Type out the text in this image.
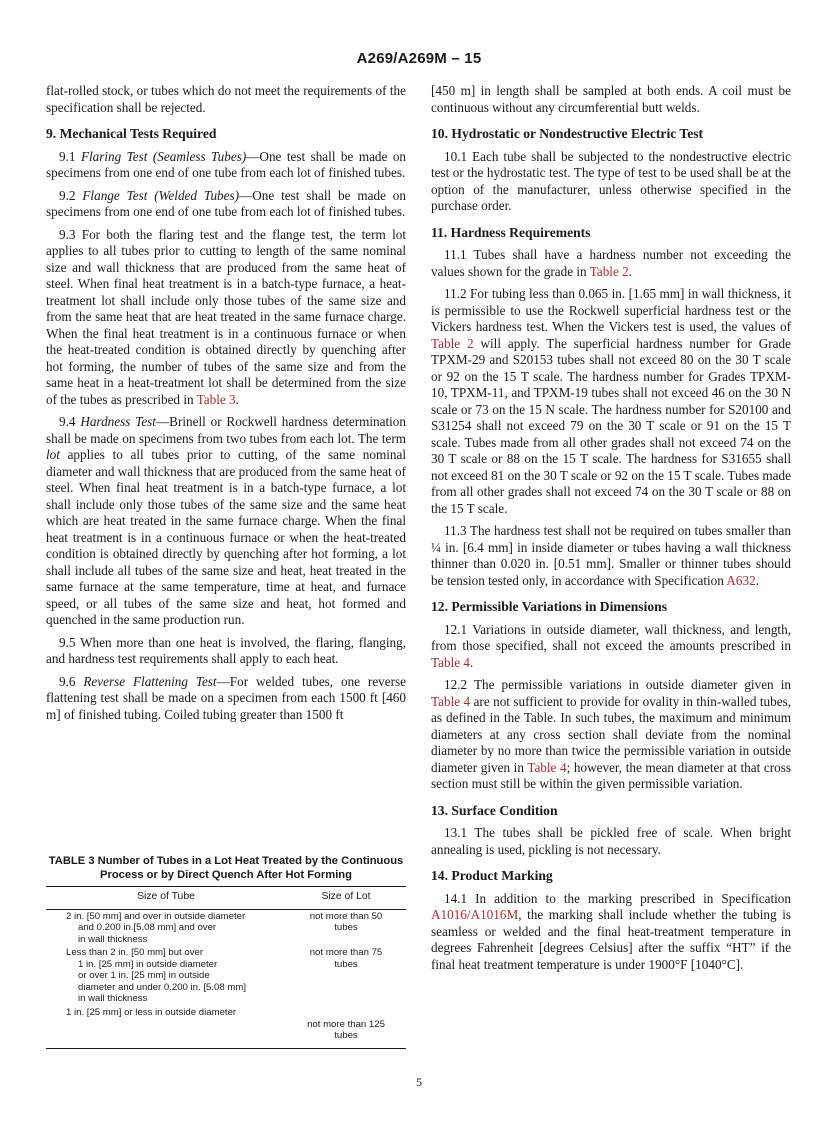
A269/A269M – 15

flat-rolled stock, or tubes which do not meet the requirements of the specification shall be rejected.

9. Mechanical Tests Required

9.1 Flaring Test (Seamless Tubes)—One test shall be made on specimens from one end of one tube from each lot of finished tubes.

9.2 Flange Test (Welded Tubes)—One test shall be made on specimens from one end of one tube from each lot of finished tubes.

9.3 For both the flaring test and the flange test, the term lot applies to all tubes prior to cutting to length of the same nominal size and wall thickness that are produced from the same heat of steel. When final heat treatment is in a batch-type furnace, a heat-treatment lot shall include only those tubes of the same size and from the same heat that are heat treated in the same furnace charge. When the final heat treatment is in a continuous furnace or when the heat-treated condition is obtained directly by quenching after hot forming, the number of tubes of the same size and from the same heat in a heat-treatment lot shall be determined from the size of the tubes as prescribed in Table 3.

9.4 Hardness Test—Brinell or Rockwell hardness determination shall be made on specimens from two tubes from each lot. The term lot applies to all tubes prior to cutting, of the same nominal diameter and wall thickness that are produced from the same heat of steel. When final heat treatment is in a batch-type furnace, a lot shall include only those tubes of the same size and the same heat which are heat treated in the same furnace charge. When the final heat treatment is in a continuous furnace or when the heat-treated condition is obtained directly by quenching after hot forming, a lot shall include all tubes of the same size and heat, heat treated in the same furnace at the same temperature, time at heat, and furnace speed, or all tubes of the same size and heat, hot formed and quenched in the same production run.

9.5 When more than one heat is involved, the flaring, flanging, and hardness test requirements shall apply to each heat.

9.6 Reverse Flattening Test—For welded tubes, one reverse flattening test shall be made on a specimen from each 1500 ft [460 m] of finished tubing. Coiled tubing greater than 1500 ft

TABLE 3 Number of Tubes in a Lot Heat Treated by the Continuous Process or by Direct Quench After Hot Forming
Size of Tube	Size of Lot
2 in. [50 mm] and over in outside diameter

and 0.200 in.[5.08 mm] and over
in wall thickness	not more than 50
tubes
Less than 2 in. [50 mm] but over

1 in. [25 mm] in outside diameter
or over 1 in. [25 mm] in outside
diameter and under 0.200 in. [5.08 mm]
in wall thickness	not more than 75
tubes
1 in. [25 mm] or less in outside diameter	not more than 125
tubes

[450 m] in length shall be sampled at both ends. A coil must be continuous without any circumferential butt welds.

10. Hydrostatic or Nondestructive Electric Test

10.1 Each tube shall be subjected to the nondestructive electric test or the hydrostatic test. The type of test to be used shall be at the option of the manufacturer, unless otherwise specified in the purchase order.

11. Hardness Requirements

11.1 Tubes shall have a hardness number not exceeding the values shown for the grade in Table 2.

11.2 For tubing less than 0.065 in. [1.65 mm] in wall thickness, it is permissible to use the Rockwell superficial hardness test or the Vickers hardness test. When the Vickers test is used, the values of Table 2 will apply. The superficial hardness number for Grade TPXM-29 and S20153 tubes shall not exceed 80 on the 30 T scale or 92 on the 15 T scale. The hardness number for Grades TPXM-10, TPXM-11, and TPXM-19 tubes shall not exceed 46 on the 30 N scale or 73 on the 15 N scale. The hardness number for S20100 and S31254 shall not exceed 79 on the 30 T scale or 91 on the 15 T scale. Tubes made from all other grades shall not exceed 74 on the 30 T scale or 88 on the 15 T scale. The hardness for S31655 shall not exceed 81 on the 30 T scale or 92 on the 15 T scale. Tubes made from all other grades shall not exceed 74 on the 30 T scale or 88 on the 15 T scale.

11.3 The hardness test shall not be required on tubes smaller than ¼ in. [6.4 mm] in inside diameter or tubes having a wall thickness thinner than 0.020 in. [0.51 mm]. Smaller or thinner tubes should be tension tested only, in accordance with Specification A632.

12. Permissible Variations in Dimensions

12.1 Variations in outside diameter, wall thickness, and length, from those specified, shall not exceed the amounts prescribed in Table 4.

12.2 The permissible variations in outside diameter given in Table 4 are not sufficient to provide for ovality in thin-walled tubes, as defined in the Table. In such tubes, the maximum and minimum diameters at any cross section shall deviate from the nominal diameter by no more than twice the permissible variation in outside diameter given in Table 4; however, the mean diameter at that cross section must still be within the given permissible variation.

13. Surface Condition

13.1 The tubes shall be pickled free of scale. When bright annealing is used, pickling is not necessary.

14. Product Marking

14.1 In addition to the marking prescribed in Specification A1016/A1016M, the marking shall include whether the tubing is seamless or welded and the final heat-treatment temperature in degrees Fahrenheit [degrees Celsius] after the suffix “HT” if the final heat treatment temperature is under 1900°F [1040°C].

5
